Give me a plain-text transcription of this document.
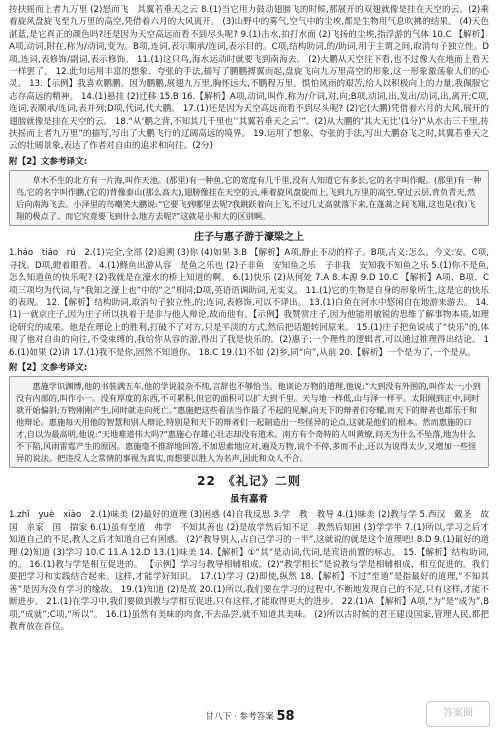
抟扶摇而上者九万里 (2)怒而飞　其翼若垂天之云 8.(1)当它用力鼓动翅膀飞的时候,那展开的双翅就像是挂在天空的云。(2)乘着旋风盘旋飞至九万里的高空,凭借着六月的大风离开。 (3)山野中的雾气,空气中的尘埃,都是生物用气息吹拂的结果。 (4)天色湛蓝,是它真正的颜色吗?还是因为天空高远而看不到尽头呢? 9.(1)击水,拍打水面 (2)飞扬的尘埃,指浮游的气体 10.C 【解析】A项,动词,附在,称为/动词,变为。B项,连词,表示顺承/连词,表示目的。C项,结构助词,的/助词,用于主谓之间,取消句子独立性。D项,连词,表修饰/副词,表示修饰。 11.(1)这只鸟,海水运动时就要飞到南海去。 (2)大鹏从天空往下看,也不过像人在地面上看天一样罢了。 12.此句运用丰富的想象、夸张的手法,描写了鹏鹏搏翼而起,盘旋飞向九万里高空的形象,这一形象激荡象人们的心灵。 13.【示例】我喜欢鹏鹏。因为鹏鹏,展翅九万里,胸怀远大,不鹏程万里。惧怕风雨的艰苦,给人以积极向上的力量,我佩服它志存高远的精神。 14.(1)悬挂 (2)迁移 15.B 16.【解析】A项,动词,叫作,称为/介词,对,向;B项,动词,出,发出/动词,出,离开;C项,连词,表顺承/连词,表并列;D项,代词,代大鹏。 17.(1)还是因为天空高远而看不到尽头呢? (2)它(大鹏)凭借着六月的大风,展开的翅膀就像是挂在天空的云。 18.“从‘鹏之背,不知其几千里也’‘其翼若垂天之云’”。(2)从大鹏的‘其大无比’(1分)“从水击三千里,抟扶摇而上者九万里”的描写,写出了大鹏飞行的辽阔高远的境界。 19.运用了想象、夸张的手法,写出大鹏奋飞之时,其翼若垂天之云的壮阔景象,表达了作者对自由的追求和向往。(2分)

附【2】文参考译文:

　　草木不生的北方有一片海,叫作天池。(那里)有一种鱼,它的宽度有几千里,没有人知道它有多长,它的名字叫作鲲。(那里)有一种鸟,它的名字叫作鹏,(它的)背像泰山(那么高大),翅膀像挂在天空的云,乘着旋风盘旋而上,飞到九万里的高空,穿过云层,背负青天,然后向南海飞去。小泽里的鸟嘲笑大鹏说:“它要飞到哪里去呢?我跳跃着向上飞,不过几丈高就落下来,在蓬蒿之间飞翔,这也是(我)飞翔的极点了。而它究竟要飞到什么地方去呢?”这就是小和大的区别啊。
庄子与惠子游于濠梁之上

1.háo　tiáo　rú　2.(1)完全,全部 (2)追溯 (3)你 (4)如果 3.B 【解析】A项,静止不动的样子。B项,古义:怎么。今义:安。C项,寻找。D项,瞪着眼看。 4.(1)鲦鱼出游从容　是鱼之乐也 (2)子非鱼　安知鱼之乐　子非我　安知我不知鱼之乐 5.(1)你不是鱼,怎么知道鱼的快乐呢? (2)我就是在濠水的桥上知道的啊。 6.(1)快乐 (2)从何处 7.A 8.本源 9.D 10.C 【解析】A项、B项、C项三项均为代词,与“我知之濠上也”中的“之”相同;D项,英语语调助词,无实义。 11.(1)它的生物是自身的形象所生,这是它的快乐的表现。 12.【解析】结构助词,取消句子独立性,的;连词,表修饰,可以不译出。 13.(1)白鱼在河水中悠闲自在地游来游去。 14.(1)一就京庄子,因为庄子所以执着于是非与他人辩论,故而他有。【示例】我赞赏庄子,因为他能用敏锐的思维了解事物本质,如理论研究的成果。他是在理论上的胜利,打破不了对方,只是平淡的方式,然后把话题转回原来。 15.(1)庄子把鱼说成了“快乐”的,体现了他对自由的向往,不受束缚的,我给你从容的游,得出了我是快乐的。(2)惠子:一个理性的逻辑者,可以通过推理得出结论。 16.(1)如果 (2)请 17.(1)我不是你,固然不知道你。 18.C 19.(1)不如 (2)乡,同“向”,从前 20.【解析】一个是为了,一个是从。

附【2】文参考译文:

　　惠施学识渊博,他的书装满五车,他的学说驳杂不纯,言辞也不够恰当。他谈论万物的道理,他说:“大到没有外围的,叫作太一;小到没有内部的,叫作小一。没有厚度的东西,不可累积,但它的面积可以扩大到千里。天与地一样低,山与泽一样平。太阳刚到正中,同时就开始偏斜;万物刚刚产生,同时就走向死亡。”惠施把这些看法当作最了不起的见解,向天下的辩者们夸耀,而天下的辩者也都乐于和他辩论。惠施每天用他的智慧和别人辩论,特别是和天下的辩者们一起制造出一些怪异的论点,这就是他们的根本。然而惠施的口才,自以为最高明,他说:“天地难道伟大吗?”惠施心存雄心壮志却没有道术。南方有个奇特的人叫黄缭,问天为什么不坠落,地为什么不下陷,风雨雷霆产生的原因。惠施毫不推辞地回答,不加思索地应对,遍及万物,说个不停,多而不止,还以为说得太少,又增加一些怪异的说法。把违反人之常情的事视为真实,而想要以胜人为名声,因此和众人不合。
22　《礼记》二则
虽有嘉肴

1.zhǐ　yuè　xiào　2.(1)味美 (2)最好的道理 (3)困惑 (4)自我反思 3.学　教　教导 4.(1)味美 (2)教与学 5.西汉　戴圣　故国　亲家　国　揣家 6.(1)虽有至道　弗学　不知其善也 (2)是故学然后知不足　教然后知困 (3)学学半 7.(1)所以,学习之后才知道自己的不足,教人之后才知道自己有困惑。 (2)“教导别人,占自己学习的一半”,这就说的就是这个道理吧! 8.D 9.(1)最好的道理 (2)知道 (3)学习 10.C 11.A 12.D 13.(1)味美 14.【解析】①“其”是动词,代词,是宾语前置的标志。 15.【解析】结构助词,的。 16.(1)教与学是相互促进的。 【示例】学习与教导相辅相成。(2)“教学相长”是说教与学是相辅相成、相互促进的。我们要把学习和实践结合起来。这样,才能学好知识。 17.(1)学习 (2)即使,纵然 18.【解析】不过“至道”是指最好的道理,“不知其善”是因为没有学习的缘故。 19.(1)知道 (2)是故 20.(1)所以,我们要在学习的过程中,不断地发现自己的不足,只有这样,才能不断进步。 21.(1)在学习中,我们要做到教与学相互促进,只有这样,才能取得更大的进步。 22.(1)A 【解析】A项,“为”是“成为”,B项,“成就”;C项,“所以”。 16.(1)虽然有美味的肉食,不去品尝,就不知道其美味。 (2)所以古时候的君王建设国家,管理人民,都把教育放在首位。

甘八下 · 参考答案 58	答案圈
